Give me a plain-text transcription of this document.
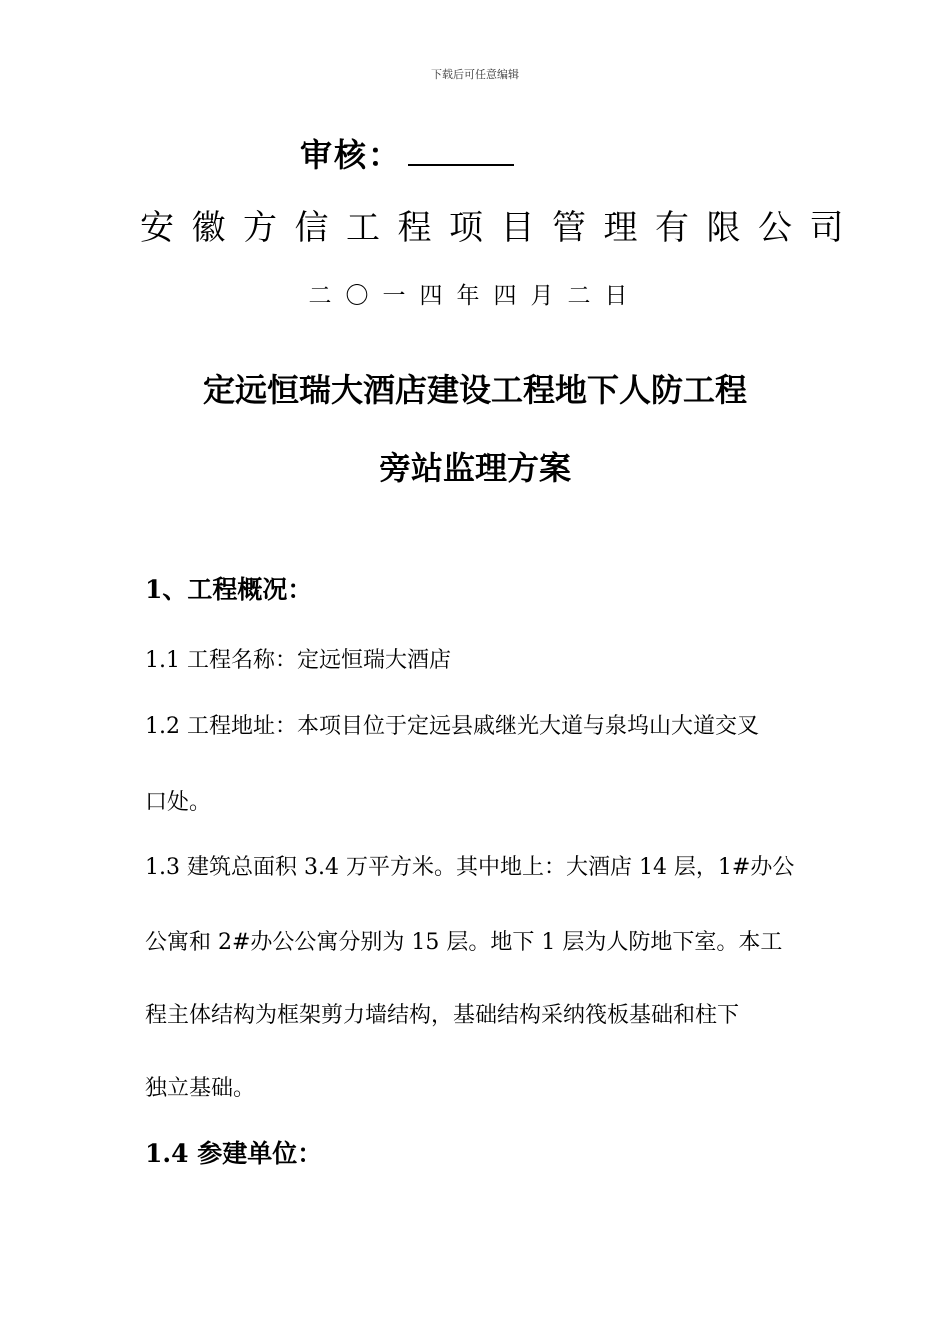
下载后可任意编辑
审核：
安徽方信工程项目管理有限公司
二〇一四年四月二日
定远恒瑞大酒店建设工程地下人防工程
旁站监理方案
1、工程概况：
1.1 工程名称：定远恒瑞大酒店
1.2 工程地址：本项目位于定远县戚继光大道与泉坞山大道交叉
口处。
1.3 建筑总面积 3.4 万平方米。其中地上：大酒店 14 层，1#办公
公寓和 2#办公公寓分别为 15 层。地下 1 层为人防地下室。本工
程主体结构为框架剪力墙结构，基础结构采纳筏板基础和柱下
独立基础。
1.4 参建单位：
